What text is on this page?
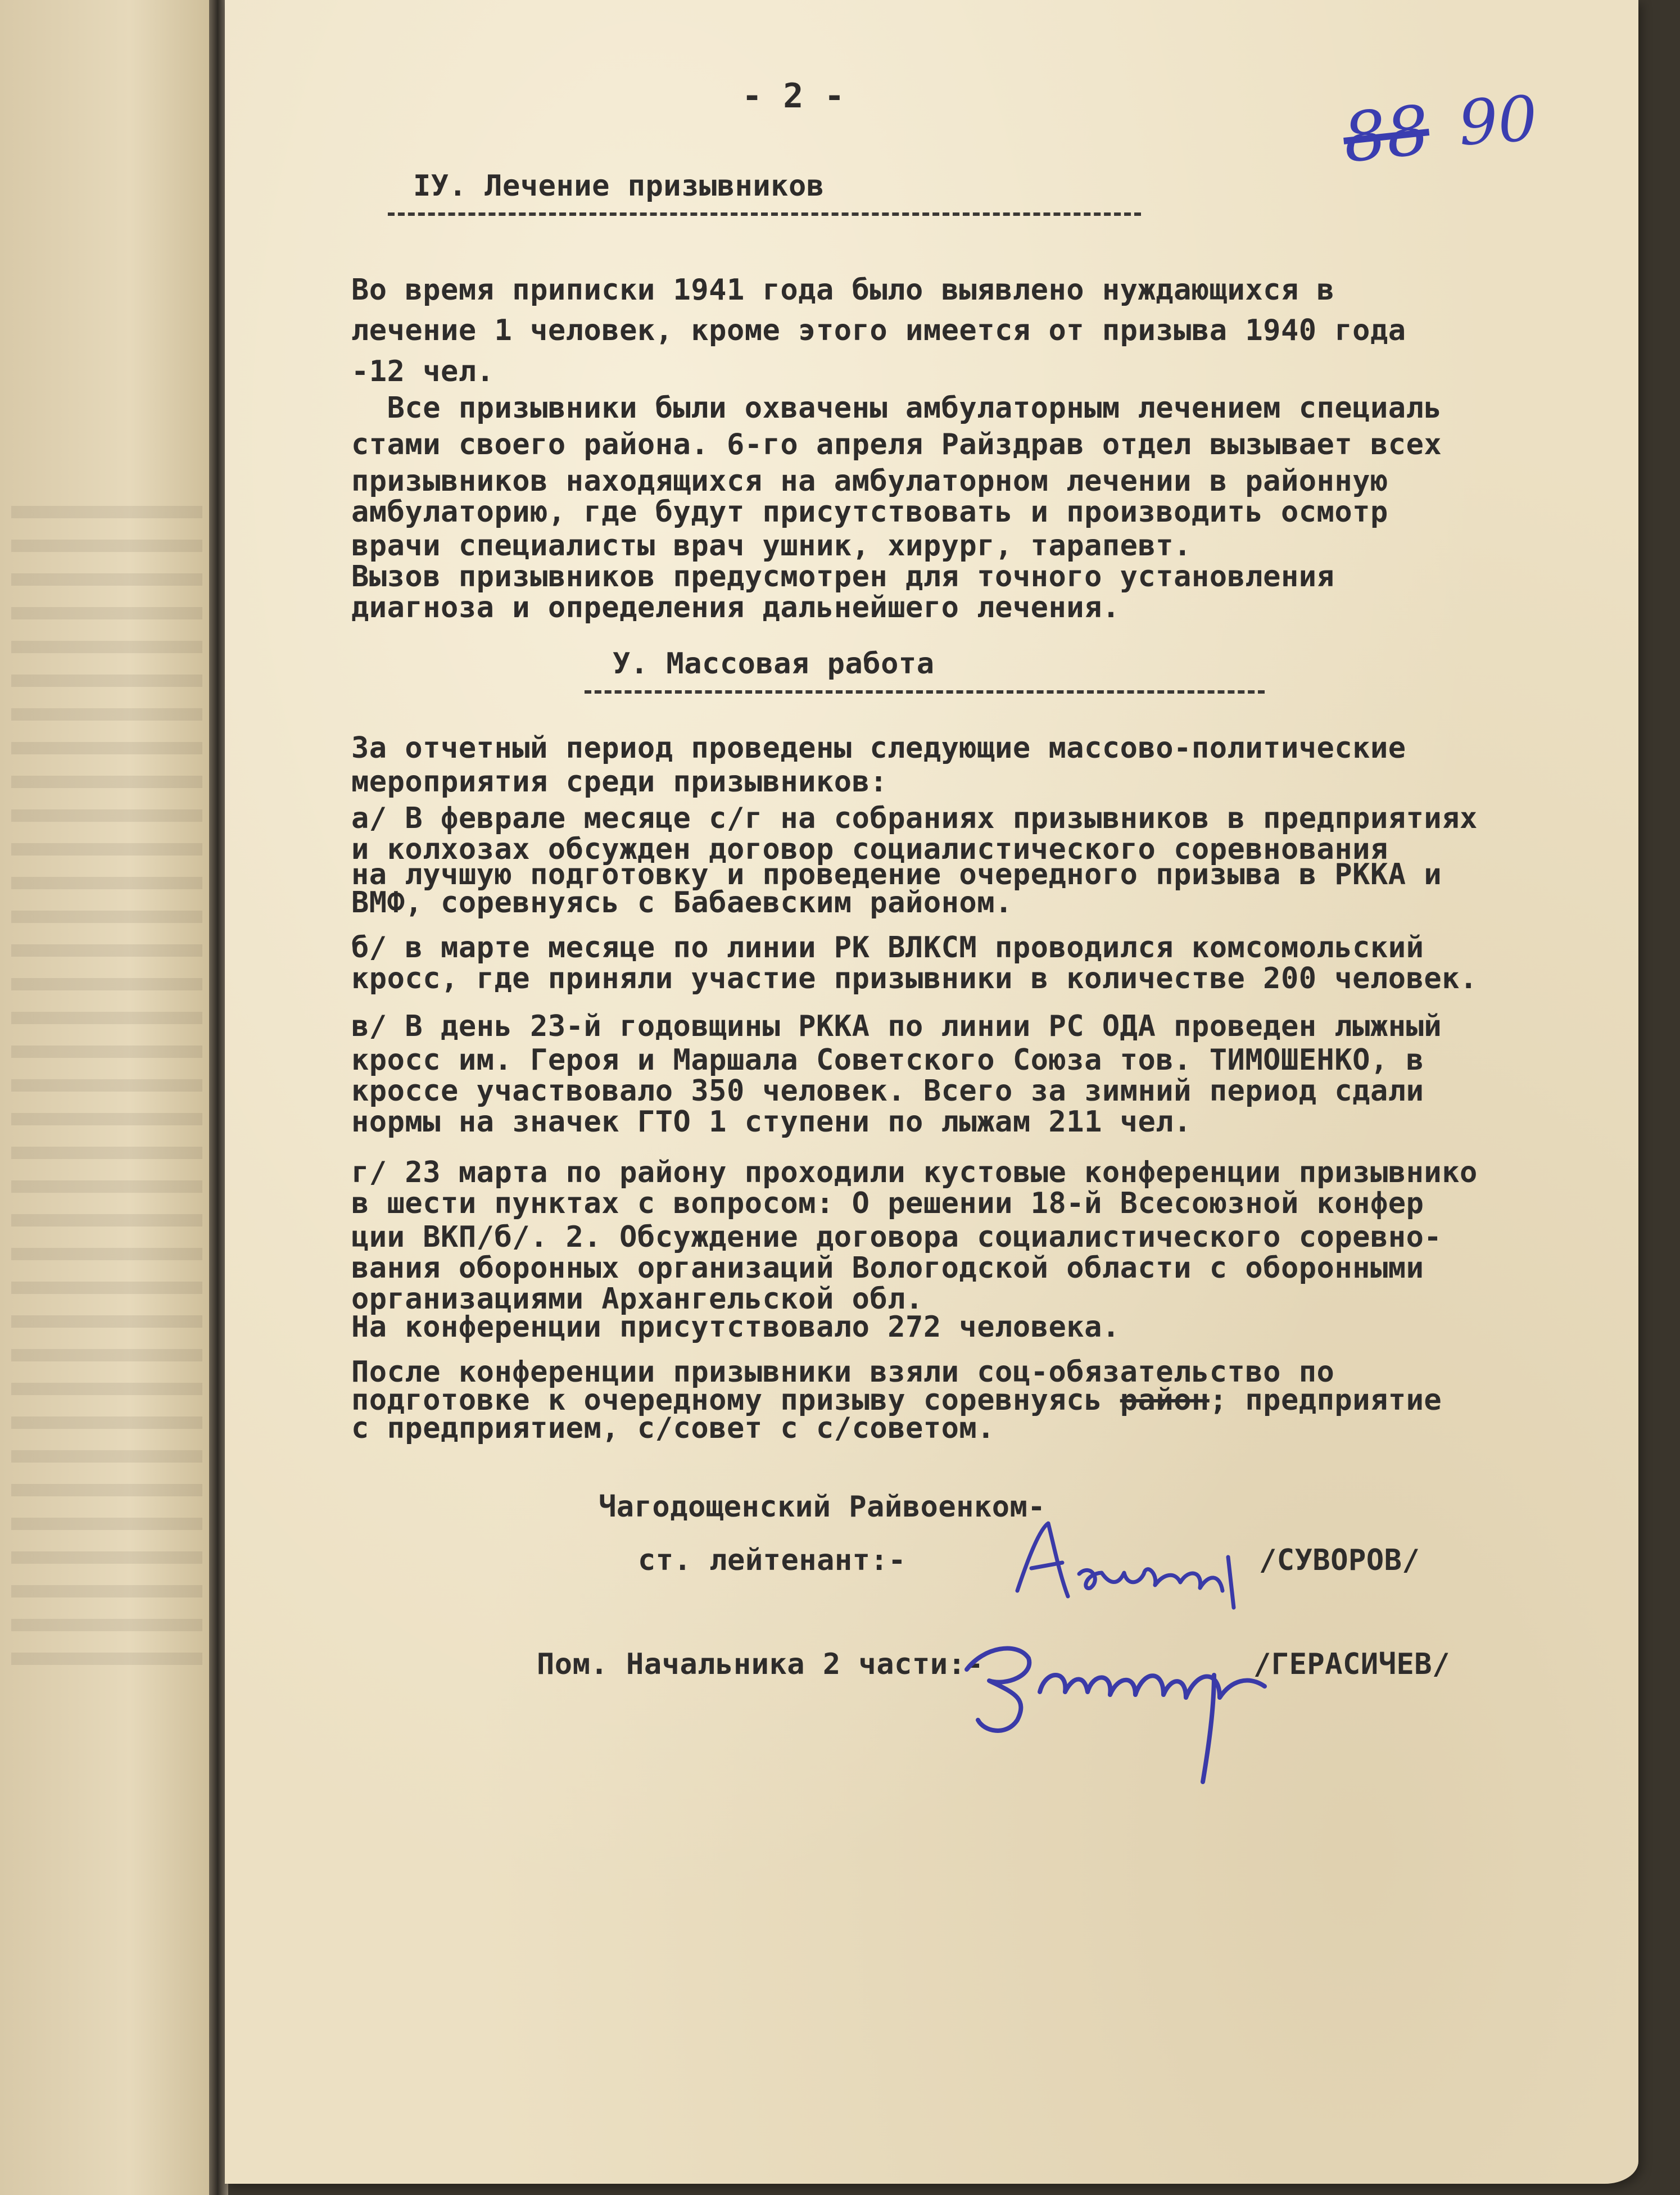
- 2 -	88 90
IУ. Лечение призывников
Во время приписки 1941 года было выявлено нуждающихся в
лечение 1 человек, кроме этого имеется от призыва 1940 года
-12 чел.
Все призывники были охвачены амбулаторным лечением специаль
стами своего района. 6-го апреля Райздрав отдел вызывает всех
призывников находящихся на амбулаторном лечении в районную
амбулаторию, где будут присутствовать и производить осмотр
врачи специалисты врач ушник, хирург, тарапевт.
Вызов призывников предусмотрен для точного установления
диагноза и определения дальнейшего лечения.
У. Массовая работа
За отчетный период проведены следующие массово-политические
мероприятия среди призывников:
а/ В феврале месяце с/г на собраниях призывников в предприятиях
и колхозах обсужден договор социалистического соревнования
на лучшую подготовку и проведение очередного призыва в РККА и
ВМФ, соревнуясь с Бабаевским районом.
б/ в марте месяце по линии РК ВЛКСМ проводился комсомольский
кросс, где приняли участие призывники в количестве 200 человек.
в/ В день 23-й годовщины РККА по линии РС ОДА проведен лыжный
кросс им. Героя и Маршала Советского Союза тов. ТИМОШЕНКО, в
кроссе участвовало 350 человек. Всего за зимний период сдали
нормы на значек ГТО 1 ступени по лыжам 211 чел.
г/ 23 марта по району проходили кустовые конференции призывнико
в шести пунктах с вопросом: О решении 18-й Всесоюзной конфер
ции ВКП/б/. 2. Обсуждение договора социалистического соревно-
вания оборонных организаций Вологодской области с оборонными
организациями Архангельской обл.
На конференции присутствовало 272 человека.
После конференции призывники взяли соц-обязательство по
подготовке к очередному призыву соревнуясь район; предприятие
с предприятием, с/совет с с/советом.
Чагодощенский Райвоенком-
ст. лейтенант:-	/СУВОРОВ/
Пом. Начальника 2 части:-	/ГЕРАСИЧЕВ/
